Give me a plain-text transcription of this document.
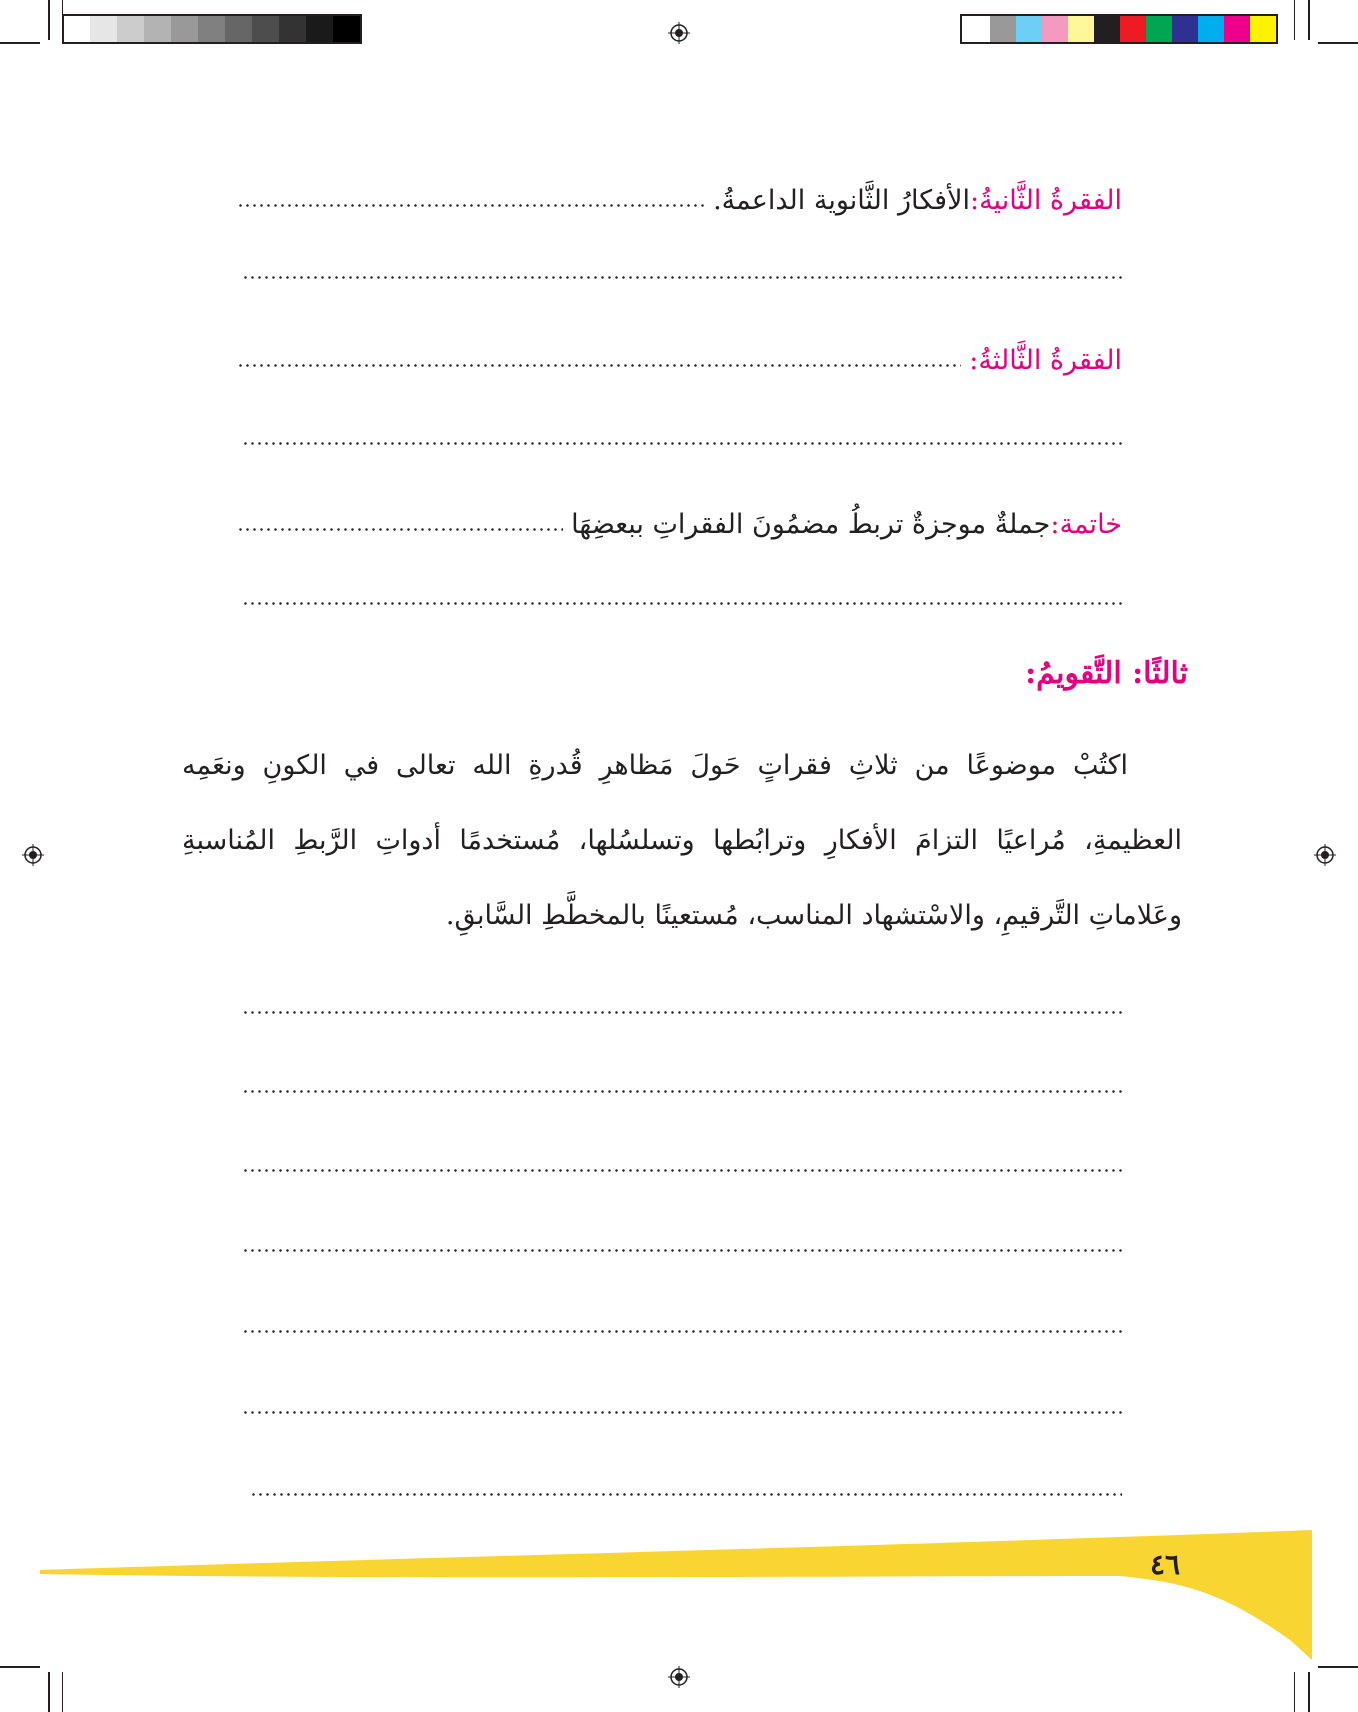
الفقرةُ الثَّانيةُ:
الأفكارُ الثَّانوية الداعمةُ.
الفقرةُ الثَّالثةُ:
خاتمة:
جملةٌ موجزةٌ تربطُ مضمُونَ الفقراتِ ببعضِهَا
ثالثًا: التَّقويمُ:

اكتُبْ موضوعًا من ثلاثِ فقراتٍ حَولَ مَظاهرِ قُدرةِ الله تعالى في الكونِ ونعَمِه العظيمةِ، مُراعيًا التزامَ الأفكارِ وترابُطها وتسلسُلها، مُستخدمًا أدواتِ الرَّبطِ المُناسبةِ وعَلاماتِ التَّرقيمِ، والاسْتشهاد المناسب، مُستعينًا بالمخطَّطِ السَّابقِ.

٤٦
